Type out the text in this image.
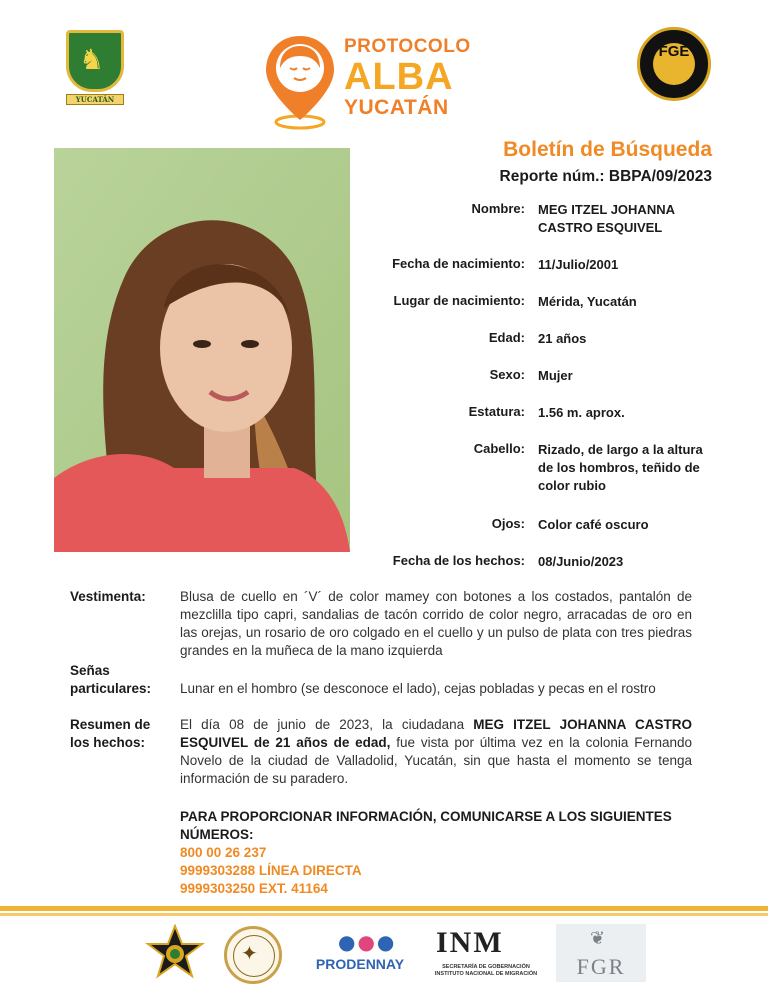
♞
YUCATÁN
PROTOCOLO
ALBA
YUCATÁN
FGE
Boletín de Búsqueda
Reporte núm.: BBPA/09/2023
Nombre: MEG ITZEL JOHANNA CASTRO ESQUIVEL
Fecha de nacimiento: 11/Julio/2001
Lugar de nacimiento: Mérida, Yucatán
Edad: 21 años
Sexo: Mujer
Estatura: 1.56 m. aprox.
Cabello: Rizado, de largo a la altura de los hombros, teñido de color rubio
Ojos: Color café oscuro
Fecha de los hechos: 08/Junio/2023
Vestimenta:	Blusa de cuello en ´V´ de color mamey con botones a los costados, pantalón de mezclilla tipo capri, sandalias de tacón corrido de color negro, arracadas de oro en las orejas, un rosario de oro colgado en el cuello y un pulso de plata con tres piedras grandes en la muñeca de la mano izquierda
Señas particulares:	Lunar en el hombro (se desconoce el lado), cejas pobladas y pecas en el rostro
Resumen de los hechos:
El día 08 de junio de 2023, la ciudadana MEG ITZEL JOHANNA CASTRO ESQUIVEL de 21 años de edad, fue vista por última vez en la colonia Fernando Novelo de la ciudad de Valladolid, Yucatán, sin que hasta el momento se tenga información de su paradero.
PARA PROPORCIONAR INFORMACIÓN, COMUNICARSE A LOS SIGUIENTES NÚMEROS:
800 00 26 237
9999303288 LÍNEA DIRECTA
9999303250 EXT. 41164
✦	●●●
PRODENNAY
INM
SECRETARÍA DE GOBERNACIÓN INSTITUTO NACIONAL DE MIGRACIÓN
❦
FGR
